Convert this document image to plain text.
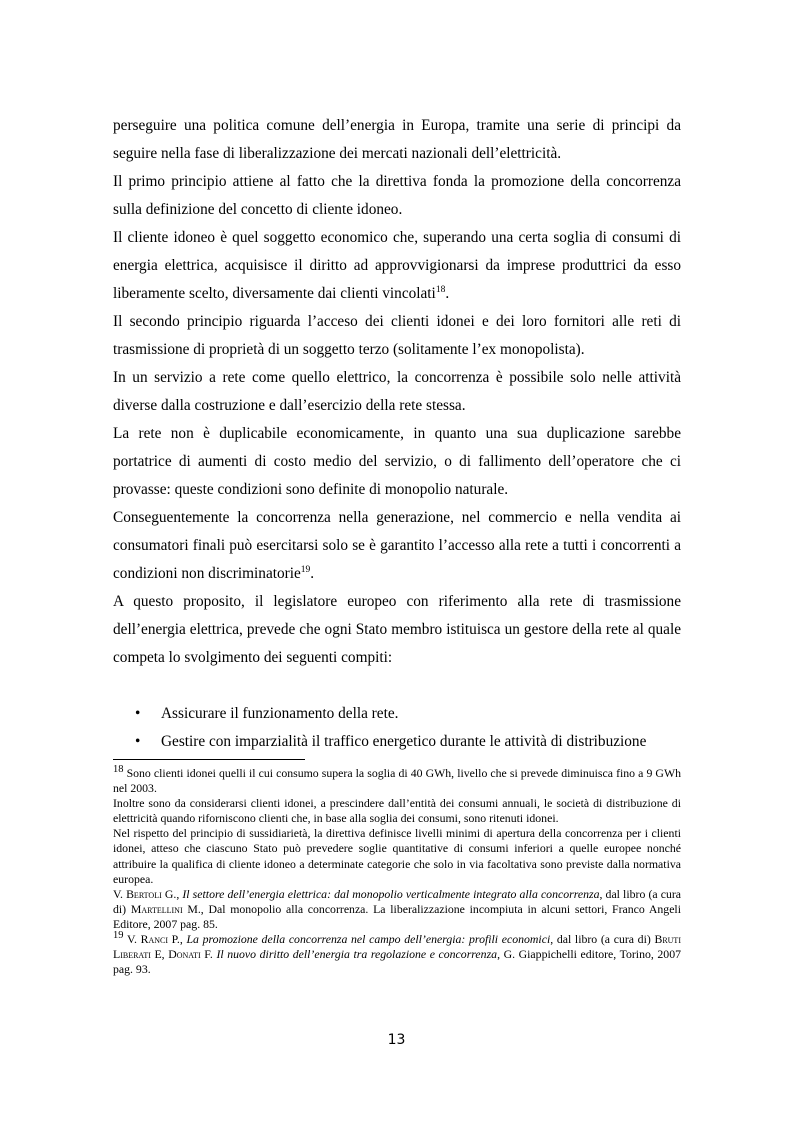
perseguire una politica comune dell’energia in Europa, tramite una serie di principi da seguire nella fase di liberalizzazione dei mercati nazionali dell’elettricità.

Il primo principio attiene al fatto che la direttiva fonda la promozione della concorrenza sulla definizione del concetto di cliente idoneo.

Il cliente idoneo è quel soggetto economico che, superando una certa soglia di consumi di energia elettrica, acquisisce il diritto ad approvvigionarsi da imprese produttrici da esso liberamente scelto, diversamente dai clienti vincolati$^{18}$.

Il secondo principio riguarda l’acceso dei clienti idonei e dei loro fornitori alle reti di trasmissione di proprietà di un soggetto terzo (solitamente l’ex monopolista).

In un servizio a rete come quello elettrico, la concorrenza è possibile solo nelle attività diverse dalla costruzione e dall’esercizio della rete stessa.

La rete non è duplicabile economicamente, in quanto una sua duplicazione sarebbe portatrice di aumenti di costo medio del servizio, o di fallimento dell’operatore che ci provasse: queste condizioni sono definite di monopolio naturale.

Conseguentemente la concorrenza nella generazione, nel commercio e nella vendita ai consumatori finali può esercitarsi solo se è garantito l’accesso alla rete a tutti i concorrenti a condizioni non discriminatorie$^{19}$.

A questo proposito, il legislatore europeo con riferimento alla rete di trasmissione dell’energia elettrica, prevede che ogni Stato membro istituisca un gestore della rete al quale competa lo svolgimento dei seguenti compiti:

• Assicurare il funzionamento della rete.
• Gestire con imparzialità il traffico energetico durante le attività di distribuzione

18 Sono clienti idonei quelli il cui consumo supera la soglia di 40 GWh, livello che si prevede diminuisca fino a 9 GWh nel 2003.

Inoltre sono da considerarsi clienti idonei, a prescindere dall’entità dei consumi annuali, le società di distribuzione di elettricità quando riforniscono clienti che, in base alla soglia dei consumi, sono ritenuti idonei.

Nel rispetto del principio di sussidiarietà, la direttiva definisce livelli minimi di apertura della concorrenza per i clienti idonei, atteso che ciascuno Stato può prevedere soglie quantitative di consumi inferiori a quelle europee nonché attribuire la qualifica di cliente idoneo a determinate categorie che solo in via facoltativa sono previste dalla normativa europea.

V. Bertoli G., Il settore dell’energia elettrica: dal monopolio verticalmente integrato alla concorrenza, dal libro (a cura di) Martellini M., Dal monopolio alla concorrenza. La liberalizzazione incompiuta in alcuni settori, Franco Angeli Editore, 2007 pag. 85.

19 V. Ranci P., La promozione della concorrenza nel campo dell’energia: profili economici, dal libro (a cura di) Bruti Liberati E, Donati F. Il nuovo diritto dell’energia tra regolazione e concorrenza, G. Giappichelli editore, Torino, 2007 pag. 93.

13
